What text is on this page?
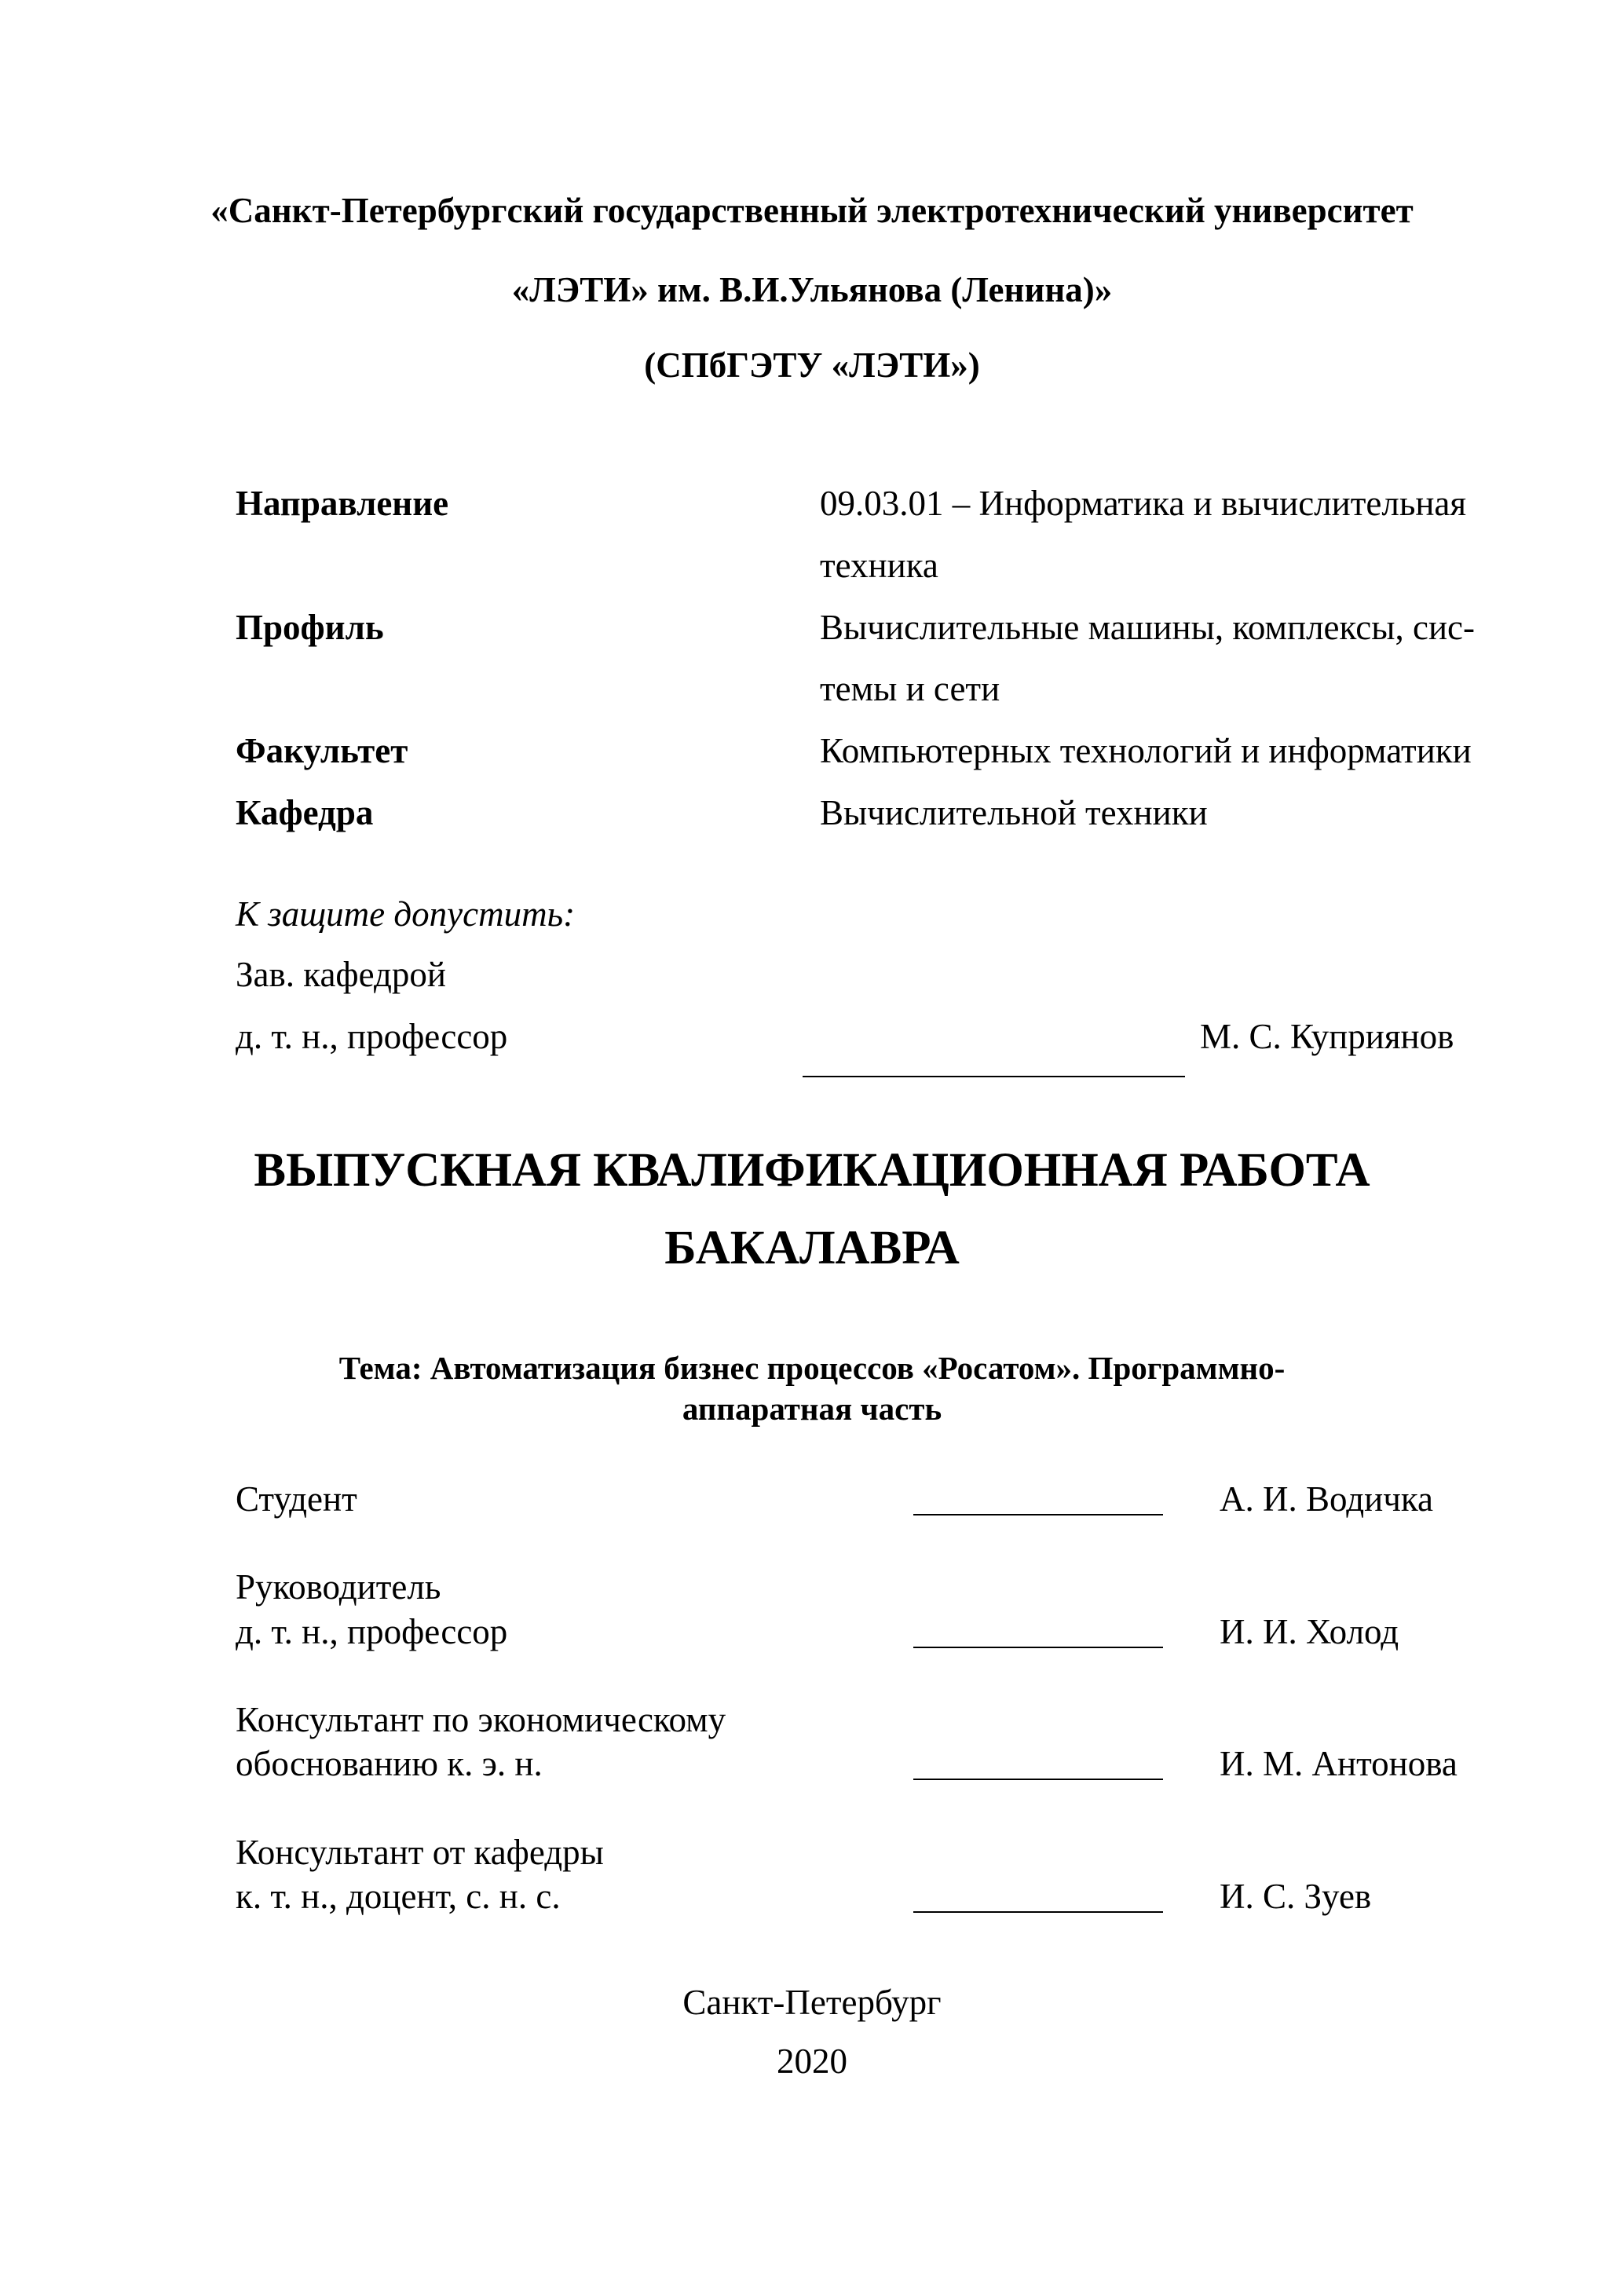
«Санкт-Петербургский государственный электротехнический университет
«ЛЭТИ» им. В.И.Ульянова (Ленина)»
(СПбГЭТУ «ЛЭТИ»)
Направление	09.03.01 – Информатика и вычислительная
техника
Профиль	Вычислительные машины, комплексы, сис-
темы и сети
Факультет	Компьютерных технологий и информатики
Кафедра	Вычислительной техники
К защите допустить:
Зав. кафедрой
д. т. н., профессор	М. С. Куприянов
ВЫПУСКНАЯ КВАЛИФИКАЦИОННАЯ РАБОТА
БАКАЛАВРА
Тема: Автоматизация бизнес процессов «Росатом». Программно-
аппаратная часть
Студент	А. И. Водичка
Руководитель
д. т. н., профессор	И. И. Холод
Консультант по экономическому
обоснованию к. э. н.	И. М. Антонова
Консультант от кафедры
к. т. н., доцент, с. н. с.	И. С. Зуев
Санкт-Петербург
2020
